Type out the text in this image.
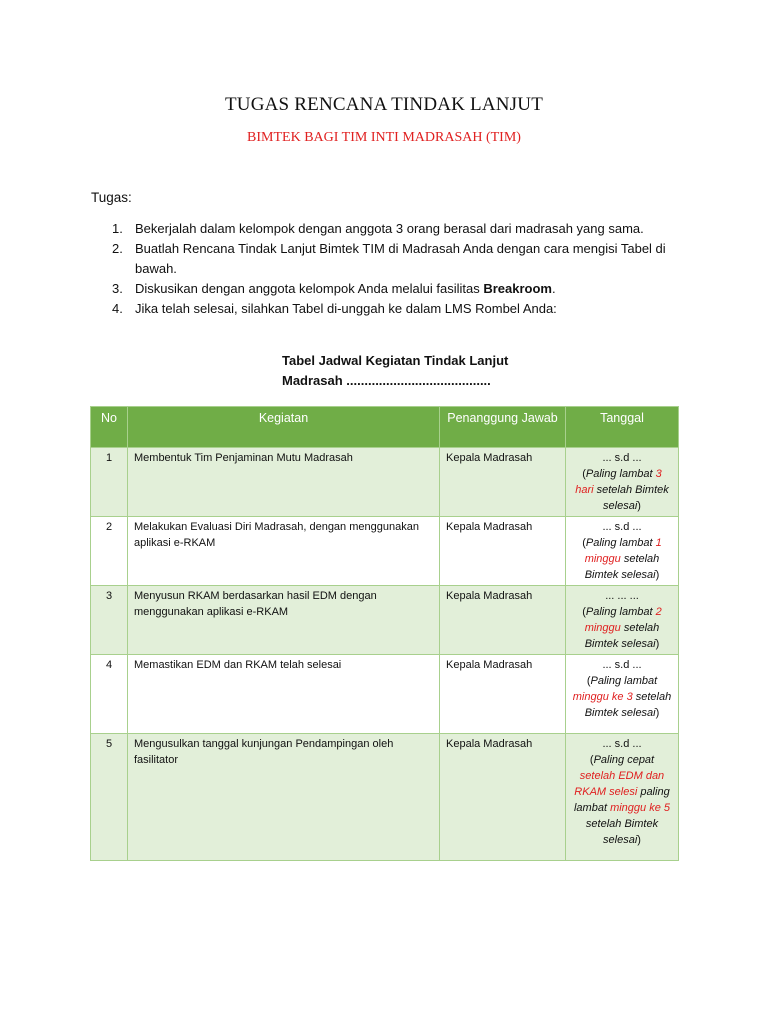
TUGAS RENCANA TINDAK LANJUT
BIMTEK BAGI TIM INTI MADRASAH (TIM)
Tugas:
1. Bekerjalah dalam kelompok dengan anggota 3 orang berasal dari madrasah yang sama.
2. Buatlah Rencana Tindak Lanjut Bimtek TIM di Madrasah Anda dengan cara mengisi Tabel di bawah.
3. Diskusikan dengan anggota kelompok Anda melalui fasilitas Breakroom.
4. Jika telah selesai, silahkan Tabel di-unggah ke dalam LMS Rombel Anda:
Tabel Jadwal Kegiatan Tindak Lanjut
Madrasah ........................................
No	Kegiatan	Penanggung Jawab	Tanggal
1	Membentuk Tim Penjaminan Mutu Madrasah	Kepala Madrasah	... s.d ...
(Paling lambat 3 hari setelah Bimtek selesai)
2	Melakukan Evaluasi Diri Madrasah, dengan menggunakan aplikasi e-RKAM	Kepala Madrasah	... s.d ...
(Paling lambat 1 minggu setelah Bimtek selesai)
3	Menyusun RKAM berdasarkan hasil EDM dengan menggunakan aplikasi e-RKAM	Kepala Madrasah	... ... ...
(Paling lambat 2 minggu setelah Bimtek selesai)
4	Memastikan EDM dan RKAM telah selesai	Kepala Madrasah	... s.d ...
(Paling lambat minggu ke 3 setelah Bimtek selesai)
5	Mengusulkan tanggal kunjungan Pendampingan oleh fasilitator	Kepala Madrasah	... s.d ...
(Paling cepat setelah EDM dan RKAM selesi paling lambat minggu ke 5 setelah Bimtek selesai)
